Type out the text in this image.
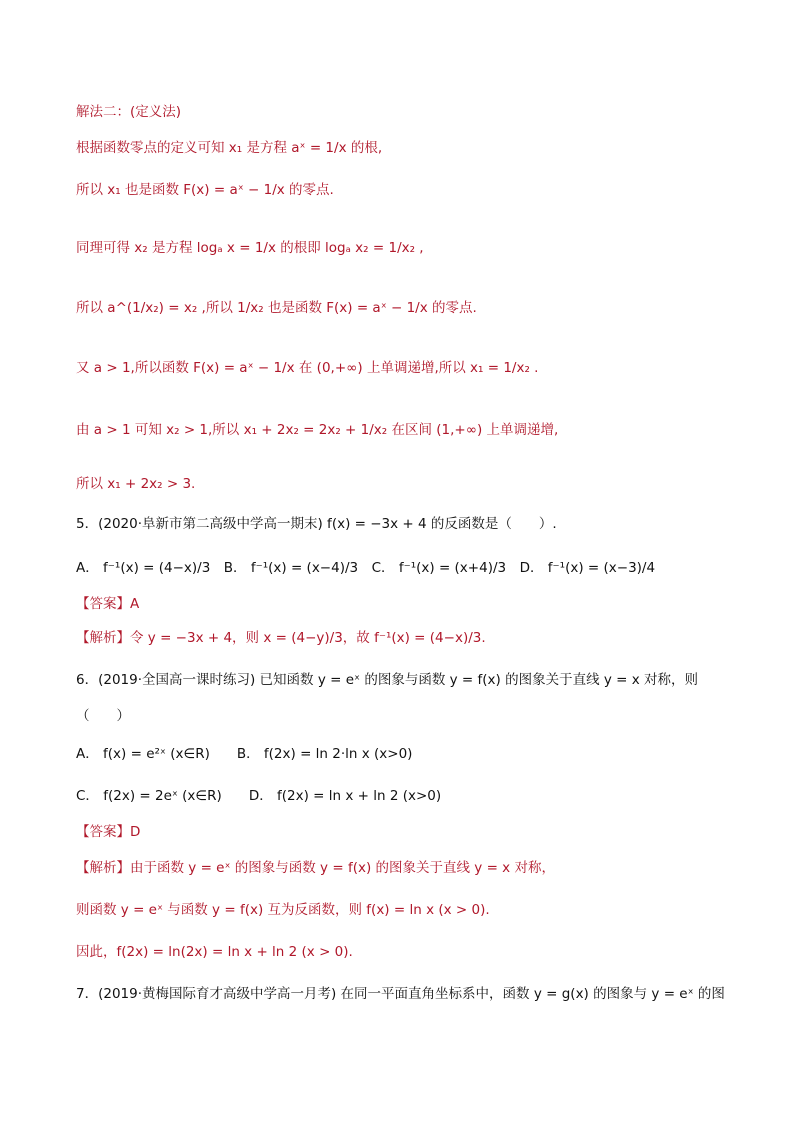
解法二：(定义法)
根据函数零点的定义可知 x₁ 是方程 aˣ = 1/x 的根,
所以 x₁ 也是函数 F(x) = aˣ − 1/x 的零点.
同理可得 x₂ 是方程 logₐ x = 1/x 的根即 logₐ x₂ = 1/x₂ ,
所以 a^(1/x₂) = x₂ ,所以 1/x₂ 也是函数 F(x) = aˣ − 1/x 的零点.
又 a > 1,所以函数 F(x) = aˣ − 1/x 在 (0,+∞) 上单调递增,所以 x₁ = 1/x₂ .
由 a > 1 可知 x₂ > 1,所以 x₁ + 2x₂ = 2x₂ + 1/x₂ 在区间 (1,+∞) 上单调递增,
所以 x₁ + 2x₂ > 3.
5．(2020·阜新市第二高级中学高一期末) f(x) = −3x + 4 的反函数是（　　）.
A． f⁻¹(x) = (4−x)/3　B． f⁻¹(x) = (x−4)/3　C． f⁻¹(x) = (x+4)/3　D． f⁻¹(x) = (x−3)/4
【答案】A
【解析】令 y = −3x + 4，则 x = (4−y)/3，故 f⁻¹(x) = (4−x)/3.
6．(2019·全国高一课时练习) 已知函数 y = eˣ 的图象与函数 y = f(x) 的图象关于直线 y = x 对称，则
（　　）
A． f(x) = e²ˣ (x∈R)　　B． f(2x) = ln 2·ln x (x>0)
C． f(2x) = 2eˣ (x∈R)　　D． f(2x) = ln x + ln 2 (x>0)
【答案】D
【解析】由于函数 y = eˣ 的图象与函数 y = f(x) 的图象关于直线 y = x 对称，
则函数 y = eˣ 与函数 y = f(x) 互为反函数，则 f(x) = ln x (x > 0).
因此，f(2x) = ln(2x) = ln x + ln 2 (x > 0).
7．(2019·黄梅国际育才高级中学高一月考) 在同一平面直角坐标系中，函数 y = g(x) 的图象与 y = eˣ 的图
